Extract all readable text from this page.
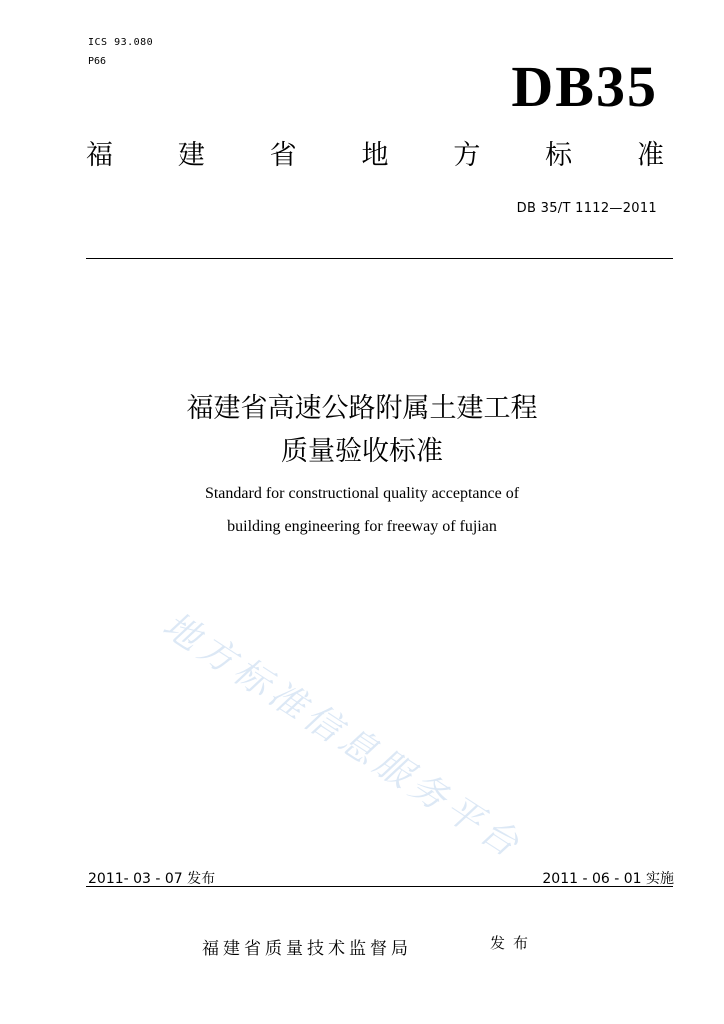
ICS 93.080
P66	DB35
福 建 省 地 方 标 准
DB 35/T 1112—2011
福建省高速公路附属土建工程
质量验收标准
Standard for constructional quality acceptance of
building engineering for freeway of fujian
地方标准信息服务平台
2011- 03 - 07 发布	2011 - 06 - 01 实施
福建省质量技术监督局	发布
